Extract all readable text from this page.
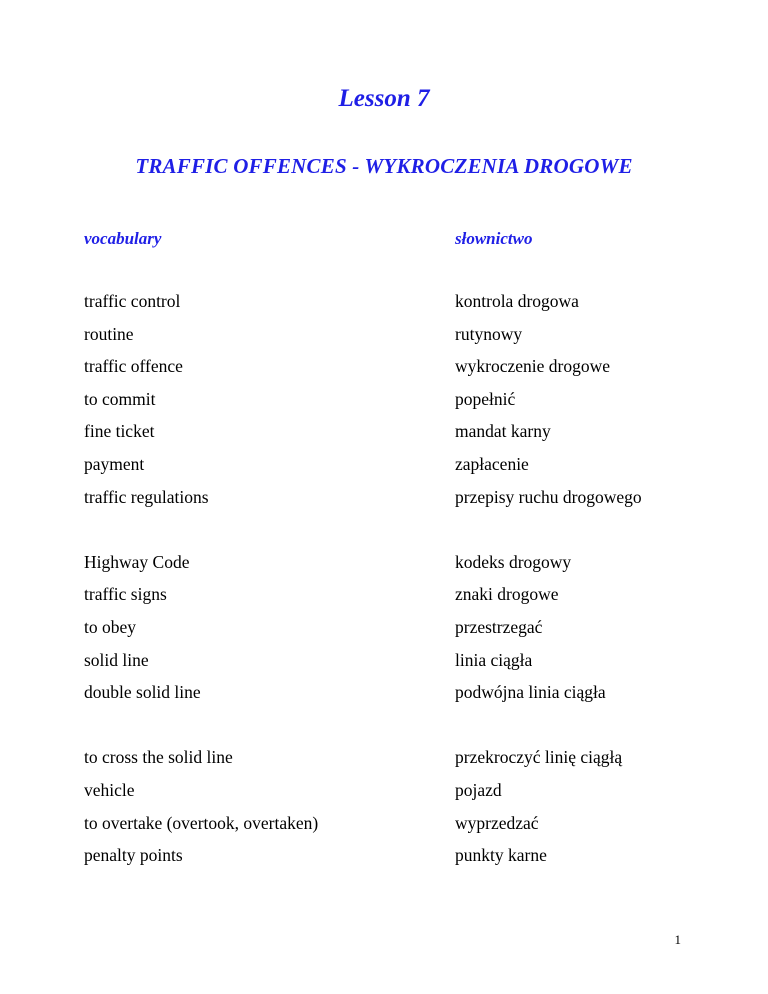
Lesson 7
TRAFFIC OFFENCES - WYKROCZENIA DROGOWE
vocabulary	słownictwo
traffic control	kontrola drogowa
routine	rutynowy
traffic offence	wykroczenie drogowe
to commit	popełnić
fine ticket	mandat karny
payment	zapłacenie
traffic regulations	przepisy ruchu drogowego
Highway Code	kodeks drogowy
traffic signs	znaki drogowe
to obey	przestrzegać
solid line	linia ciągła
double solid line	podwójna linia ciągła
to cross the solid line	przekroczyć linię ciągłą
vehicle	pojazd
to overtake (overtook, overtaken)	wyprzedzać
penalty points	punkty karne
1
